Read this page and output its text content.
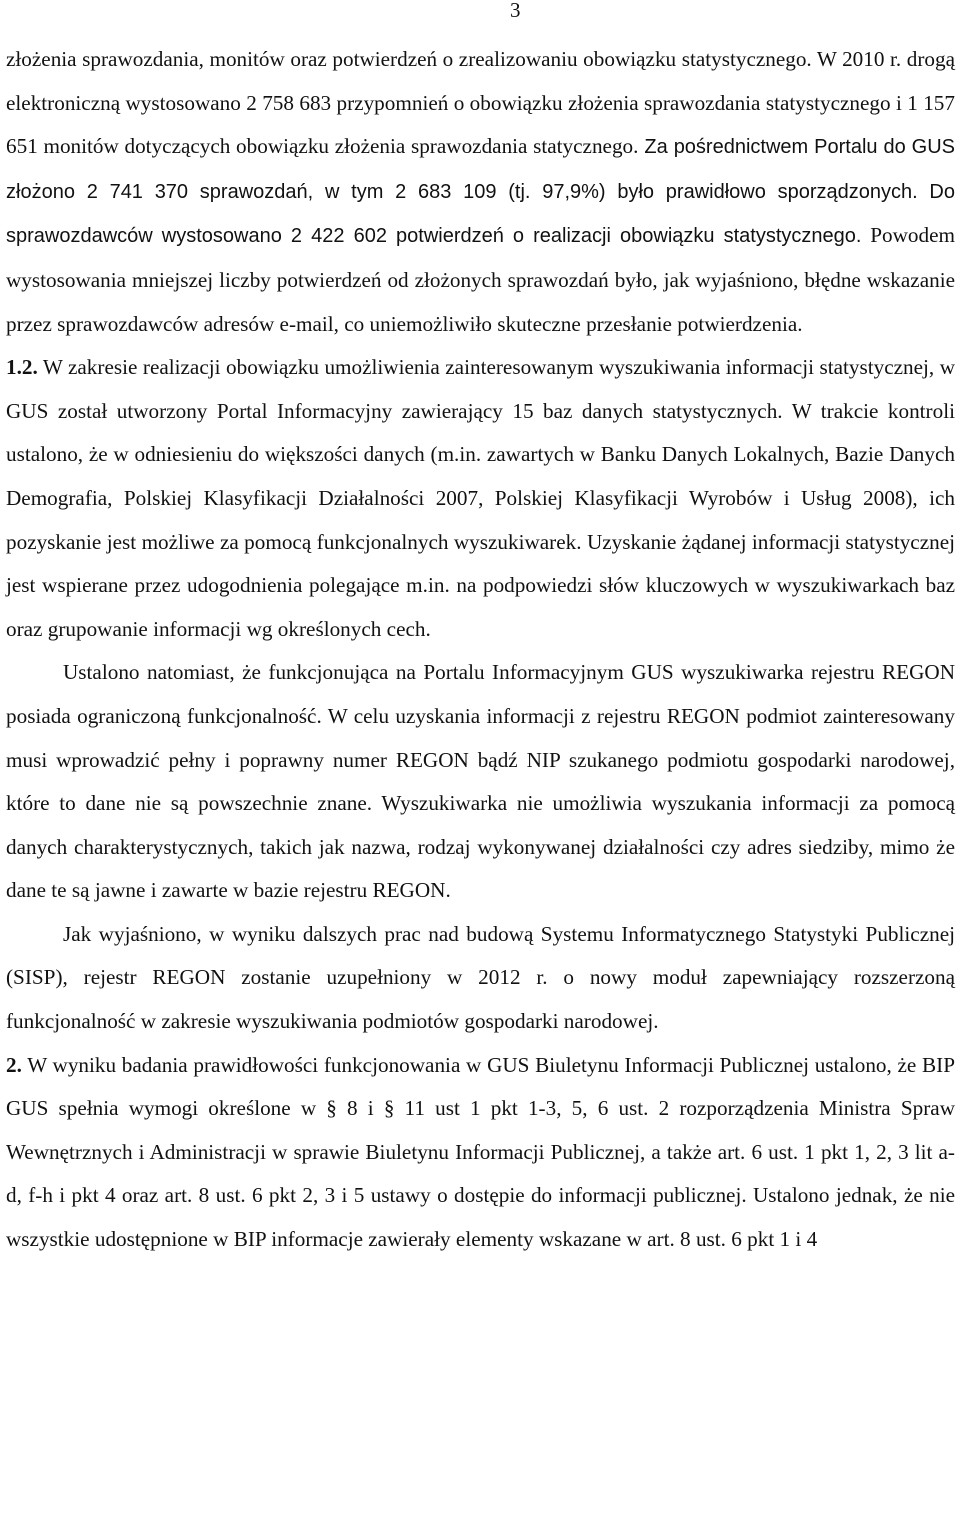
3

złożenia sprawozdania, monitów oraz potwierdzeń o zrealizowaniu obowiązku statystycznego. W 2010 r. drogą elektroniczną wystosowano 2 758 683 przypomnień o obowiązku złożenia sprawozdania statystycznego i 1 157 651 monitów dotyczących obowiązku złożenia sprawozdania statycznego. Za pośrednictwem Portalu do GUS złożono 2 741 370 sprawozdań, w tym 2 683 109 (tj. 97,9%) było prawidłowo sporządzonych. Do sprawozdawców wystosowano 2 422 602 potwierdzeń o realizacji obowiązku statystycznego. Powodem wystosowania mniejszej liczby potwierdzeń od złożonych sprawozdań było, jak wyjaśniono, błędne wskazanie przez sprawozdawców adresów e-mail, co uniemożliwiło skuteczne przesłanie potwierdzenia.

1.2. W zakresie realizacji obowiązku umożliwienia zainteresowanym wyszukiwania informacji statystycznej, w GUS został utworzony Portal Informacyjny zawierający 15 baz danych statystycznych. W trakcie kontroli ustalono, że w odniesieniu do większości danych (m.in. zawartych w Banku Danych Lokalnych, Bazie Danych Demografia, Polskiej Klasyfikacji Działalności 2007, Polskiej Klasyfikacji Wyrobów i Usług 2008), ich pozyskanie jest możliwe za pomocą funkcjonalnych wyszukiwarek. Uzyskanie żądanej informacji statystycznej jest wspierane przez udogodnienia polegające m.in. na podpowiedzi słów kluczowych w wyszukiwarkach baz oraz grupowanie informacji wg określonych cech.

Ustalono natomiast, że funkcjonująca na Portalu Informacyjnym GUS wyszukiwarka rejestru REGON posiada ograniczoną funkcjonalność. W celu uzyskania informacji z rejestru REGON podmiot zainteresowany musi wprowadzić pełny i poprawny numer REGON bądź NIP szukanego podmiotu gospodarki narodowej, które to dane nie są powszechnie znane. Wyszukiwarka nie umożliwia wyszukania informacji za pomocą danych charakterystycznych, takich jak nazwa, rodzaj wykonywanej działalności czy adres siedziby, mimo że dane te są jawne i zawarte w bazie rejestru REGON.

Jak wyjaśniono, w wyniku dalszych prac nad budową Systemu Informatycznego Statystyki Publicznej (SISP), rejestr REGON zostanie uzupełniony w 2012 r. o nowy moduł zapewniający rozszerzoną funkcjonalność w zakresie wyszukiwania podmiotów gospodarki narodowej.

2. W wyniku badania prawidłowości funkcjonowania w GUS Biuletynu Informacji Publicznej ustalono, że BIP GUS spełnia wymogi określone w § 8 i § 11 ust 1 pkt 1-3, 5, 6 ust. 2 rozporządzenia Ministra Spraw Wewnętrznych i Administracji w sprawie Biuletynu Informacji Publicznej, a także art. 6 ust. 1 pkt 1, 2, 3 lit a-d, f-h i pkt 4 oraz art. 8 ust. 6 pkt 2, 3 i 5 ustawy o dostępie do informacji publicznej. Ustalono jednak, że nie wszystkie udostępnione w BIP informacje zawierały elementy wskazane w art. 8 ust. 6 pkt 1 i 4
